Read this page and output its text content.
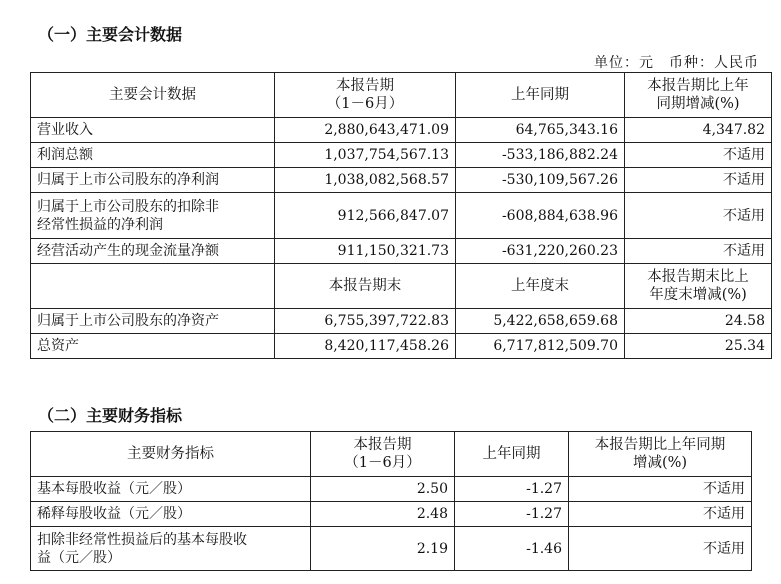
（一）主要会计数据
单位：元　币种：人民币
主要会计数据	本报告期
（1－6月）	上年同期	本报告期比上年
同期增减(%)
营业收入	2,880,643,471.09	64,765,343.16	4,347.82
利润总额	1,037,754,567.13	-533,186,882.24	不适用
归属于上市公司股东的净利润	1,038,082,568.57	-530,109,567.26	不适用
归属于上市公司股东的扣除非
经常性损益的净利润	912,566,847.07	-608,884,638.96	不适用
经营活动产生的现金流量净额	911,150,321.73	-631,220,260.23	不适用
	本报告期末	上年度末	本报告期末比上
年度末增减(%)
归属于上市公司股东的净资产	6,755,397,722.83	5,422,658,659.68	24.58
总资产	8,420,117,458.26	6,717,812,509.70	25.34
（二）主要财务指标
主要财务指标	本报告期
（1－6月）	上年同期	本报告期比上年同期
增减(%)
基本每股收益（元／股）	2.50	-1.27	不适用
稀释每股收益（元／股）	2.48	-1.27	不适用
扣除非经常性损益后的基本每股收
益（元／股）	2.19	-1.46	不适用
